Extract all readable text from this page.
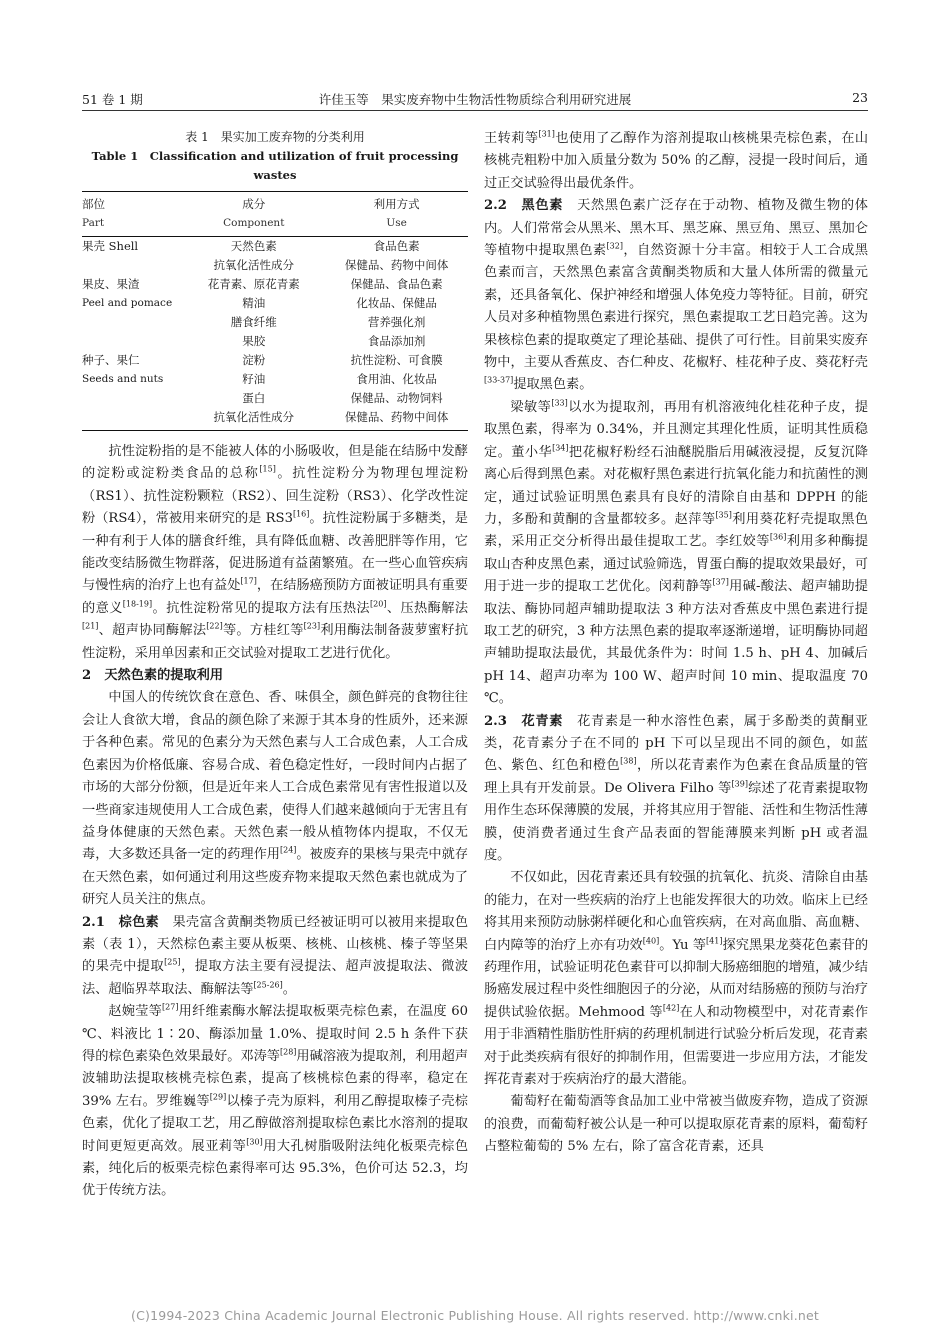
51 卷 1 期	许佳玉等　果实废弃物中生物活性物质综合利用研究进展	23
表 1　果实加工废弃物的分类利用
Table 1　Classification and utilization of fruit processing wastes
部位	成分	利用方式
Part	Component	Use
果壳 Shell	天然色素	食品色素
	抗氧化活性成分	保健品、药物中间体
果皮、果渣	花青素、原花青素	保健品、食品色素
Peel and pomace	精油	化妆品、保健品
	膳食纤维	营养强化剂
	果胶	食品添加剂
种子、果仁	淀粉	抗性淀粉、可食膜
Seeds and nuts	籽油	食用油、化妆品
	蛋白	保健品、动物饲料
	抗氧化活性成分	保健品、药物中间体

抗性淀粉指的是不能被人体的小肠吸收，但是能在结肠中发酵的淀粉或淀粉类食品的总称[15]。抗性淀粉分为物理包埋淀粉（RS1）、抗性淀粉颗粒（RS2）、回生淀粉（RS3）、化学改性淀粉（RS4），常被用来研究的是 RS3[16]。抗性淀粉属于多糖类，是一种有利于人体的膳食纤维，具有降低血糖、改善肥胖等作用，它能改变结肠微生物群落，促进肠道有益菌繁殖。在一些心血管疾病与慢性病的治疗上也有益处[17]，在结肠癌预防方面被证明具有重要的意义[18-19]。抗性淀粉常见的提取方法有压热法[20]、压热酶解法[21]、超声协同酶解法[22]等。方桂红等[23]利用酶法制备菠萝蜜籽抗性淀粉，采用单因素和正交试验对提取工艺进行优化。

2　天然色素的提取利用

中国人的传统饮食在意色、香、味俱全，颜色鲜亮的食物往往会让人食欲大增，食品的颜色除了来源于其本身的性质外，还来源于各种色素。常见的色素分为天然色素与人工合成色素，人工合成色素因为价格低廉、容易合成、着色稳定性好，一段时间内占据了市场的大部分份额，但是近年来人工合成色素常见有害性报道以及一些商家违规使用人工合成色素，使得人们越来越倾向于无害且有益身体健康的天然色素。天然色素一般从植物体内提取，不仅无毒，大多数还具备一定的药理作用[24]。被废弃的果核与果壳中就存在天然色素，如何通过利用这些废弃物来提取天然色素也就成为了研究人员关注的焦点。

2.1　棕色素　 果壳富含黄酮类物质已经被证明可以被用来提取色素（表 1），天然棕色素主要从板栗、核桃、山核桃、榛子等坚果的果壳中提取[25]，提取方法主要有浸提法、超声波提取法、微波法、超临界萃取法、酶解法等[25-26]。

赵婉莹等[27]用纤维素酶水解法提取板栗壳棕色素，在温度 60 ℃、料液比 1∶20、酶添加量 1.0%、提取时间 2.5 h 条件下获得的棕色素染色效果最好。邓涛等[28]用碱溶液为提取剂，利用超声波辅助法提取核桃壳棕色素，提高了核桃棕色素的得率，稳定在 39% 左右。罗维巍等[29]以榛子壳为原料，利用乙醇提取榛子壳棕色素，优化了提取工艺，用乙醇做溶剂提取棕色素比水溶剂的提取时间更短更高效。展亚莉等[30]用大孔树脂吸附法纯化板栗壳棕色素，纯化后的板栗壳棕色素得率可达 95.3%，色价可达 52.3，均优于传统方法。

王转莉等[31]也使用了乙醇作为溶剂提取山核桃果壳棕色素，在山核桃壳粗粉中加入质量分数为 50% 的乙醇，浸提一段时间后，通过正交试验得出最优条件。

2.2　黑色素　 天然黑色素广泛存在于动物、植物及微生物的体内。人们常常会从黑米、黑木耳、黑芝麻、黑豆角、黑豆、黑加仑等植物中提取黑色素[32]，自然资源十分丰富。相较于人工合成黑色素而言，天然黑色素富含黄酮类物质和大量人体所需的微量元素，还具备氧化、保护神经和增强人体免疫力等特征。目前，研究人员对多种植物黑色素进行探究，黑色素提取工艺日趋完善。这为果核棕色素的提取奠定了理论基础、提供了可行性。目前果实废弃物中，主要从香蕉皮、杏仁种皮、花椒籽、桂花种子皮、葵花籽壳[33-37]提取黑色素。

梁敏等[33]以水为提取剂，再用有机溶液纯化桂花种子皮，提取黑色素，得率为 0.34%，并且测定其理化性质，证明其性质稳定。董小华[34]把花椒籽粉经石油醚脱脂后用碱液浸提，反复沉降离心后得到黑色素。对花椒籽黑色素进行抗氧化能力和抗菌性的测定，通过试验证明黑色素具有良好的清除自由基和 DPPH 的能力，多酚和黄酮的含量都较多。赵萍等[35]利用葵花籽壳提取黑色素，采用正交分析得出最佳提取工艺。李红姣等[36]利用多种酶提取山杏种皮黑色素，通过试验筛选，胃蛋白酶的提取效果最好，可用于进一步的提取工艺优化。闵莉静等[37]用碱-酸法、超声辅助提取法、酶协同超声辅助提取法 3 种方法对香蕉皮中黑色素进行提取工艺的研究，3 种方法黑色素的提取率逐渐递增，证明酶协同超声辅助提取法最优，其最优条件为：时间 1.5 h、pH 4、加碱后 pH 14、超声功率为 100 W、超声时间 10 min、提取温度 70 ℃。

2.3　花青素　 花青素是一种水溶性色素，属于多酚类的黄酮亚类，花青素分子在不同的 pH 下可以呈现出不同的颜色，如蓝色、紫色、红色和橙色[38]，所以花青素作为色素在食品质量的管理上具有开发前景。De Olivera Filho 等[39]综述了花青素提取物用作生态环保薄膜的发展，并将其应用于智能、活性和生物活性薄膜，使消费者通过生食产品表面的智能薄膜来判断 pH 或者温度。

不仅如此，因花青素还具有较强的抗氧化、抗炎、清除自由基的能力，在对一些疾病的治疗上也能发挥很大的功效。临床上已经将其用来预防动脉粥样硬化和心血管疾病，在对高血脂、高血糖、白内障等的治疗上亦有功效[40]。Yu 等[41]探究黑果龙葵花色素苷的药理作用，试验证明花色素苷可以抑制大肠癌细胞的增殖，减少结肠癌发展过程中炎性细胞因子的分泌，从而对结肠癌的预防与治疗提供试验依据。Mehmood 等[42]在人和动物模型中，对花青素作用于非酒精性脂肪性肝病的药理机制进行试验分析后发现，花青素对于此类疾病有很好的抑制作用，但需要进一步应用方法，才能发挥花青素对于疾病治疗的最大潜能。

葡萄籽在葡萄酒等食品加工业中常被当做废弃物，造成了资源的浪费，而葡萄籽被公认是一种可以提取原花青素的原料，葡萄籽占整粒葡萄的 5% 左右，除了富含花青素，还具

(C)1994-2023 China Academic Journal Electronic Publishing House. All rights reserved. http://www.cnki.net
